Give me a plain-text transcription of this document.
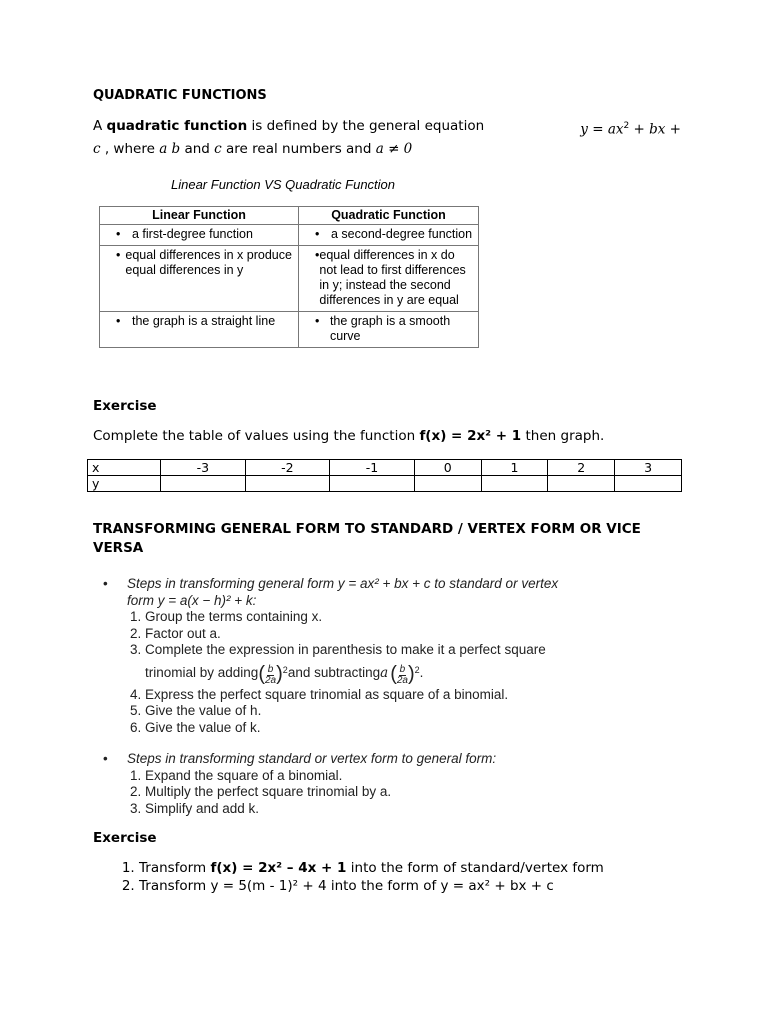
QUADRATIC FUNCTIONS
A quadratic function is defined by the general equation	$y = ax^2$ + bx +
c , where a b and c are real numbers and a ≠ 0
Linear Function VS Quadratic Function
Linear Function	Quadratic Function

• a first-degree function	• a second-degree function

• equal differences in x produce equal differences in y	• equal differences in x do not lead to first differences in y; instead the second differences in y are equal

• the graph is a straight line	• the graph is a smooth curve
Exercise
Complete the table of values using the function f(x) = 2x² + 1 then graph.
x	-3	-2	-1	0	1	2	3
y							
TRANSFORMING GENERAL FORM TO STANDARD / VERTEX FORM OR VICE
VERSA
•	Steps in transforming general form y = ax² + bx + c to standard or vertex
form y = a(x − h)² + k:
1. Group the terms containing x.
2. Factor out a.
3. Complete the expression in parenthesis to make it a perfect square
trinomial by adding ( b
2a )$^2$ and subtracting a ( b
2a )$^2$ .
4. Express the perfect square trinomial as square of a binomial.
5. Give the value of h.
6. Give the value of k.
•	Steps in transforming standard or vertex form to general form:
1. Expand the square of a binomial.
2. Multiply the perfect square trinomial by a.
3. Simplify and add k.
Exercise
1. Transform f(x) = 2x² – 4x + 1 into the form of standard/vertex form
2. Transform y = 5(m - 1)² + 4 into the form of y = ax² + bx + c
